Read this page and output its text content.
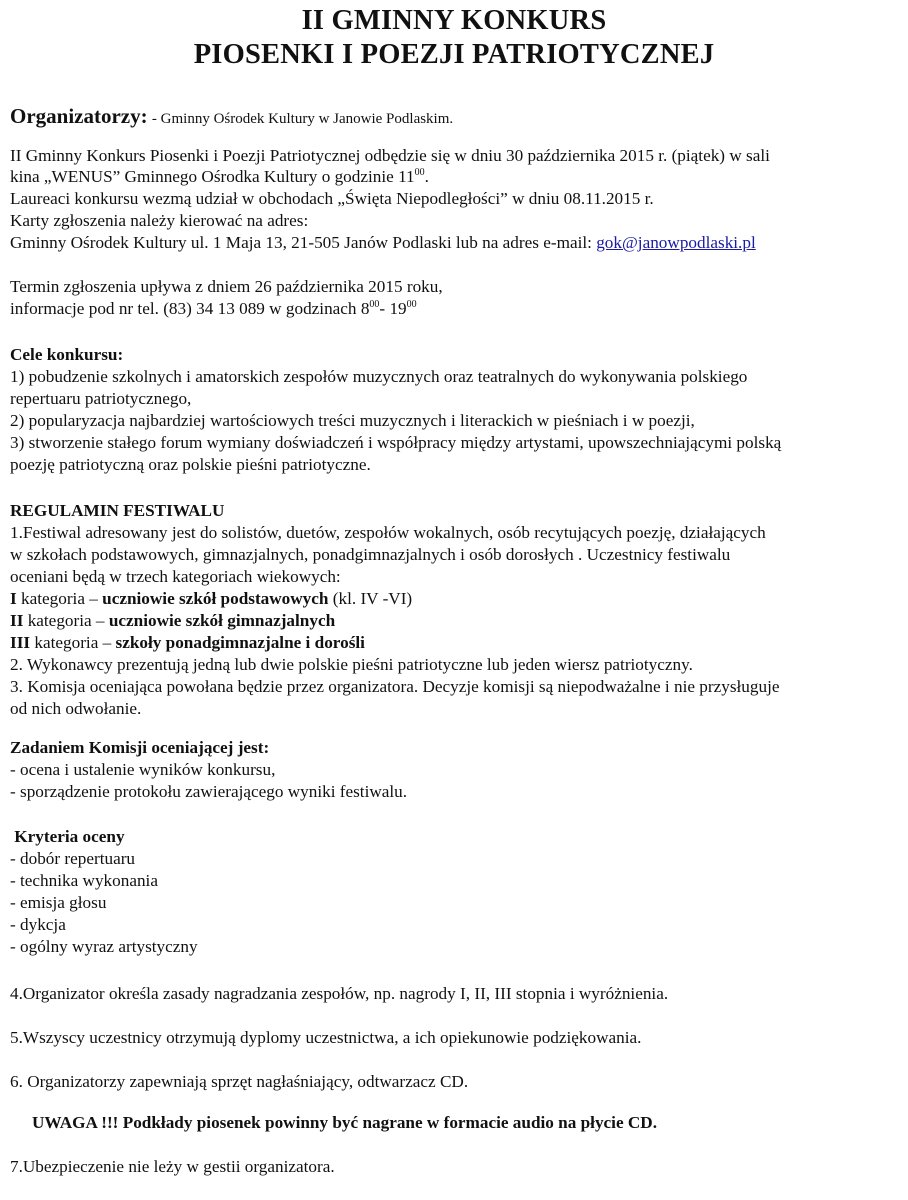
II GMINNY KONKURS
PIOSENKI I POEZJI PATRIOTYCZNEJ
Organizatorzy: - Gminny Ośrodek Kultury w Janowie Podlaskim.
II Gminny Konkurs Piosenki i Poezji Patriotycznej odbędzie się w dniu 30 października 2015 r. (piątek) w sali
kina „WENUS” Gminnego Ośrodka Kultury o godzinie $11^{00}$.
Laureaci konkursu wezmą udział w obchodach „Święta Niepodległości” w dniu 08.11.2015 r.
Karty zgłoszenia należy kierować na adres:
Gminny Ośrodek Kultury ul. 1 Maja 13, 21-505 Janów Podlaski lub na adres e-mail: gok@janowpodlaski.pl
Termin zgłoszenia upływa z dniem 26 października 2015 roku,
informacje pod nr tel. (83) 34 13 089 w godzinach $8^{00}-$ $19^{00}$
Cele konkursu:
1) pobudzenie szkolnych i amatorskich zespołów muzycznych oraz teatralnych do wykonywania polskiego
repertuaru patriotycznego,
2) popularyzacja najbardziej wartościowych treści muzycznych i literackich w pieśniach i w poezji,
3) stworzenie stałego forum wymiany doświadczeń i współpracy między artystami, upowszechniającymi polską
poezję patriotyczną oraz polskie pieśni patriotyczne.
REGULAMIN FESTIWALU
1.Festiwal adresowany jest do solistów, duetów, zespołów wokalnych, osób recytujących poezję, działających
w szkołach podstawowych, gimnazjalnych, ponadgimnazjalnych i osób dorosłych . Uczestnicy festiwalu
oceniani będą w trzech kategoriach wiekowych:
I kategoria – uczniowie szkół podstawowych (kl. IV -VI)
II kategoria – uczniowie szkół gimnazjalnych
III kategoria – szkoły ponadgimnazjalne i dorośli
2. Wykonawcy prezentują jedną lub dwie polskie pieśni patriotyczne lub jeden wiersz patriotyczny.
3. Komisja oceniająca powołana będzie przez organizatora. Decyzje komisji są niepodważalne i nie przysługuje
od nich odwołanie.
Zadaniem Komisji oceniającej jest:
- ocena i ustalenie wyników konkursu,
- sporządzenie protokołu zawierającego wyniki festiwalu.
Kryteria oceny
- dobór repertuaru
- technika wykonania
- emisja głosu
- dykcja
- ogólny wyraz artystyczny
4.Organizator określa zasady nagradzania zespołów, np. nagrody I, II, III stopnia i wyróżnienia.
5.Wszyscy uczestnicy otrzymują dyplomy uczestnictwa, a ich opiekunowie podziękowania.
6. Organizatorzy zapewniają sprzęt nagłaśniający, odtwarzacz CD.
UWAGA !!! Podkłady piosenek powinny być nagrane w formacie audio na płycie CD.
7.Ubezpieczenie nie leży w gestii organizatora.
